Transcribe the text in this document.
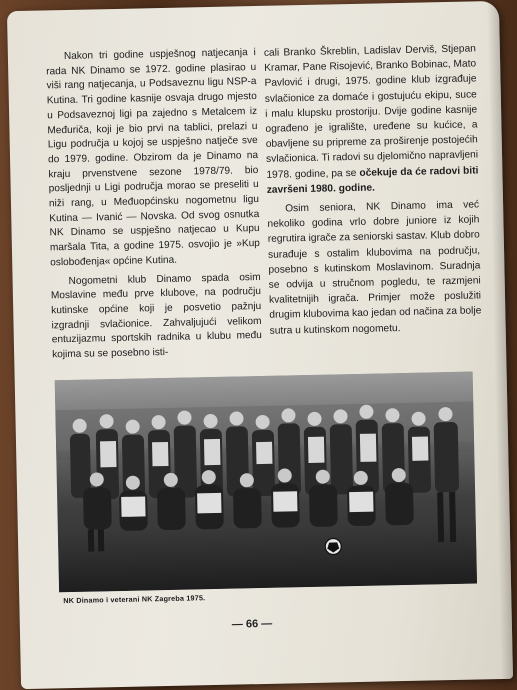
Nakon tri godine uspješnog natjecanja i rada NK Dinamo se 1972. godine plasirao u viši rang natjecanja, u Podsaveznu ligu NSP-a Kutina. Tri godine kasnije osvaja drugo mjesto u Podsaveznoj ligi pa zajedno s Metalcem iz Međuriča, koji je bio prvi na tablici, prelazi u Ligu područja u kojoj se uspješno natječe sve do 1979. godine. Obzirom da je Dinamo na kraju prvenstvene sezone 1978/79. bio posljednji u Ligi područja morao se preseliti u niži rang, u Međuopćinsku nogometnu ligu Kutina — Ivanić — Novska. Od svog osnutka NK Dinamo se uspješno natjecao u Kupu maršala Tita, a godine 1975. osvojio je »Kup oslobođenja« općine Kutina.

Nogometni klub Dinamo spada osim Moslavine među prve klubove, na području kutinske općine koji je posvetio pažnju izgradnji svlačionice. Zahvaljujući velikom entuzijazmu sportskih radnika u klubu među kojima su se posebno isti-

cali Branko Škreblin, Ladislav Derviš, Stjepan Kramar, Pane Risojević, Branko Bobinac, Mato Pavlović i drugi, 1975. godine klub izgrađuje svlačionice za domaće i gostujuću ekipu, suce i malu klupsku prostoriju. Dvije godine kasnije ograđeno je igralište, uređene su kućice, a obavljene su pripreme za proširenje postojećih svlačionica. Ti radovi su djelomično napravljeni 1978. godine, pa se očekuje da će radovi biti završeni 1980. godine.

Osim seniora, NK Dinamo ima već nekoliko godina vrlo dobre juniore iz kojih regrutira igrače za seniorski sastav. Klub dobro surađuje s ostalim klubovima na području, posebno s kutinskom Moslavinom. Suradnja se odvija u stručnom pogledu, te razmjeni kvalitetnijih igrača. Primjer može poslužiti drugim klubovima kao jedan od načina za bolje sutra u kutinskom nogometu.

NK Dinamo i veterani NK Zagreba 1975.
— 66 —
